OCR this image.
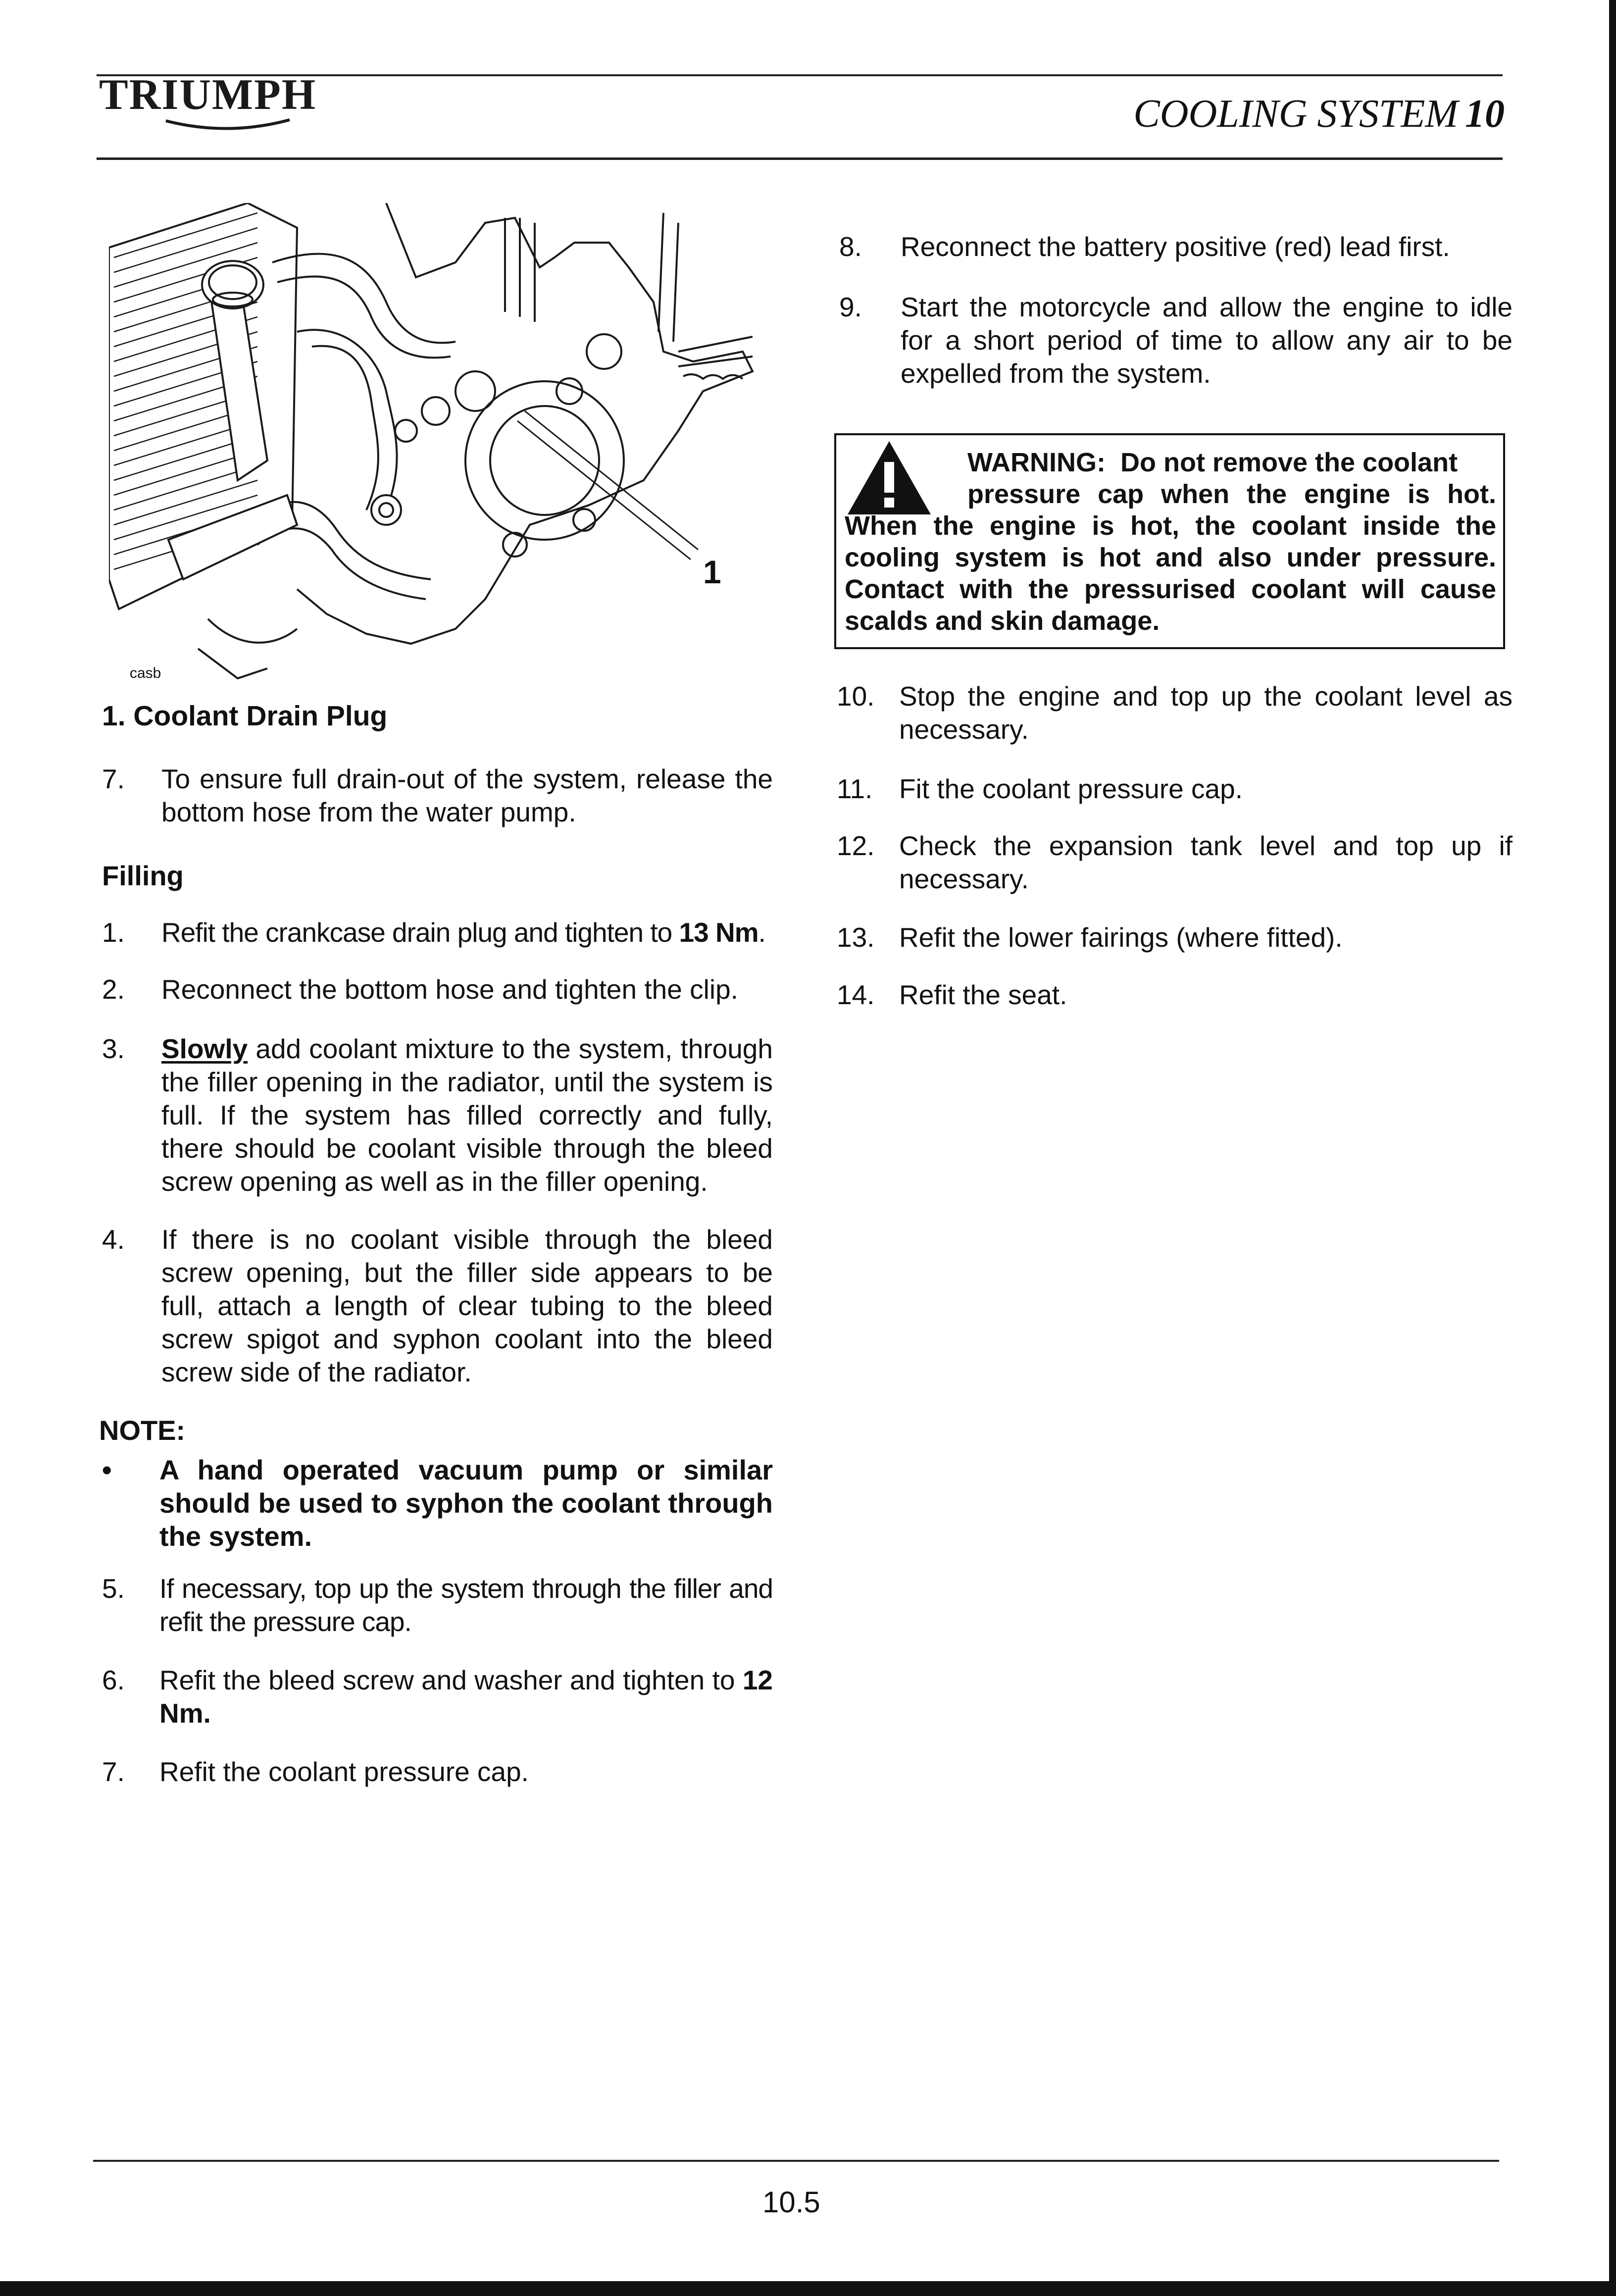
TRIUMPH	COOLING SYSTEM 10
1
casb
1. Coolant Drain Plug
7. To ensure full drain-out of the system, release the bottom hose from the water pump.
Filling
1. Refit the crankcase drain plug and tighten to 13 Nm.
2. Reconnect the bottom hose and tighten the clip.
3. Slowly add coolant mixture to the system, through the filler opening in the radiator, until the system is full. If the system has filled correctly and fully, there should be coolant visible through the bleed screw opening as well as in the filler opening.
4. If there is no coolant visible through the bleed screw opening, but the filler side appears to be full, attach a length of clear tubing to the bleed screw spigot and syphon coolant into the bleed screw side of the radiator.
NOTE:
• A hand operated vacuum pump or similar should be used to syphon the coolant through the system.
5. If necessary, top up the system through the filler and refit the pressure cap.
6. Refit the bleed screw and washer and tighten to 12 Nm.
7. Refit the coolant pressure cap.
8. Reconnect the battery positive (red) lead first.
9. Start the motorcycle and allow the engine to idle for a short period of time to allow any air to be expelled from the system.
WARNING: Do not remove the coolant
pressure cap when the engine is hot. When the engine is hot, the coolant inside the cooling system is hot and also under pressure. Contact with the pressurised coolant will cause scalds and skin damage.
10. Stop the engine and top up the coolant level as necessary.
11. Fit the coolant pressure cap.
12. Check the expansion tank level and top up if necessary.
13. Refit the lower fairings (where fitted).
14. Refit the seat.
10.5
